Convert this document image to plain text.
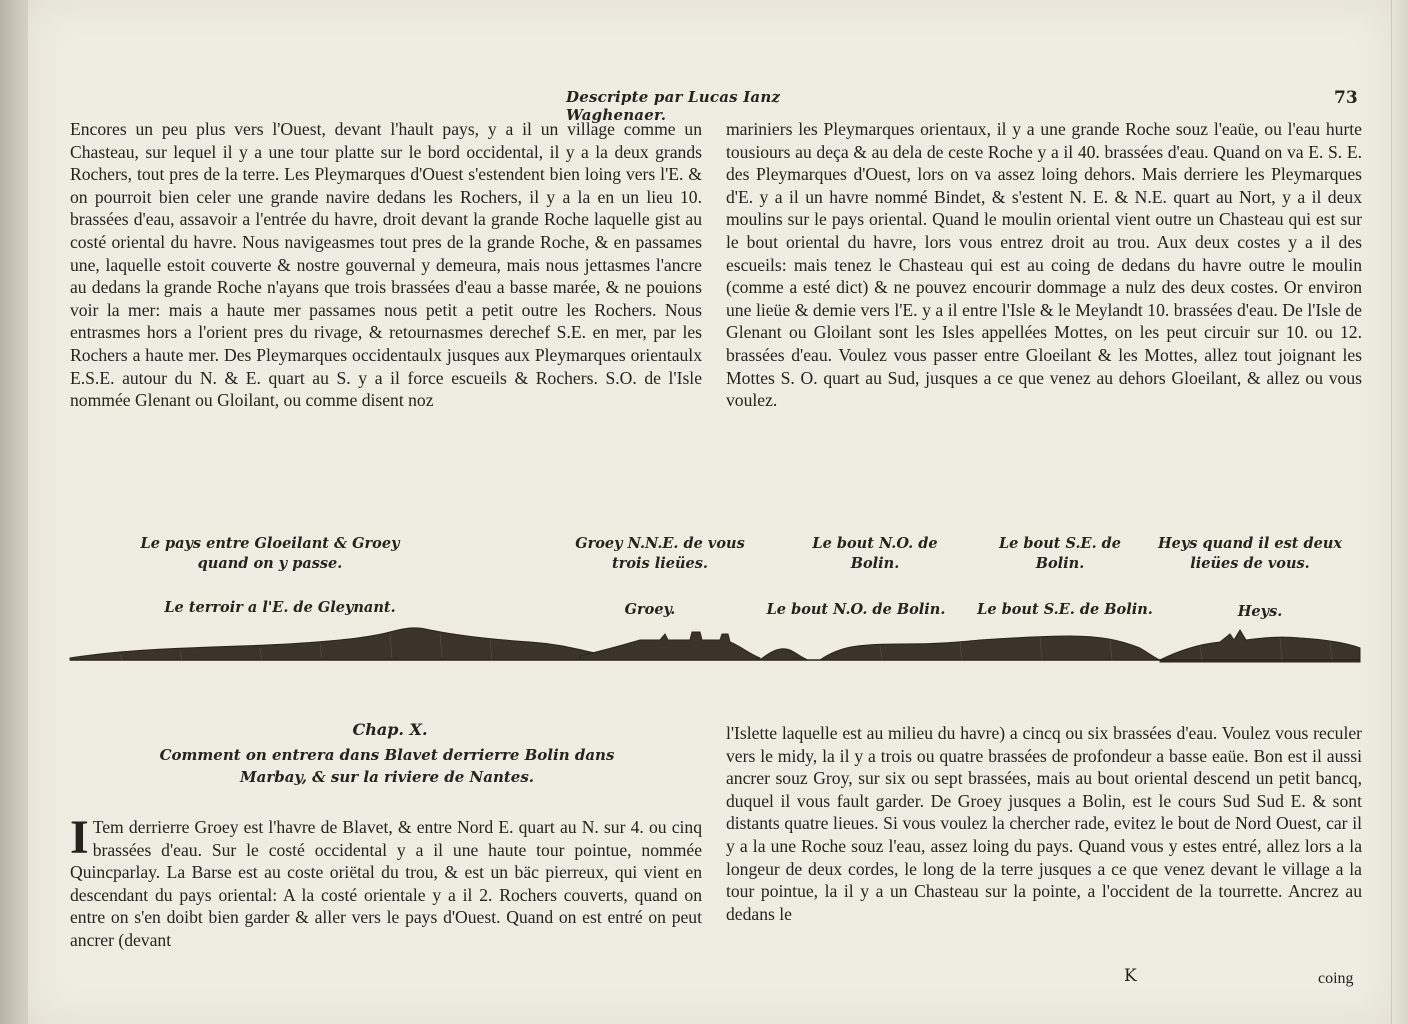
Descripte par Lucas Ianz Waghenaer.
73

Encores un peu plus vers l'Ouest, devant l'hault pays, y a il un village comme un Chasteau, sur lequel il y a une tour platte sur le bord occidental, il y a la deux grands Rochers, tout pres de la terre. Les Pleymarques d'Ouest s'estendent bien loing vers l'E. & on pourroit bien celer une grande navire dedans les Rochers, il y a la en un lieu 10. brassées d'eau, assavoir a l'entrée du havre, droit devant la grande Roche laquelle gist au costé oriental du havre. Nous navigeasmes tout pres de la grande Roche, & en passames une, laquelle estoit couverte & nostre gouvernal y demeura, mais nous jettasmes l'ancre au dedans la grande Roche n'ayans que trois brassées d'eau a basse marée, & ne pouions voir la mer: mais a haute mer passames nous petit a petit outre les Rochers. Nous entrasmes hors a l'orient pres du rivage, & retournasmes derechef S.E. en mer, par les Rochers a haute mer. Des Pleymarques occidentaulx jusques aux Pleymarques orientaulx E.S.E. autour du N. & E. quart au S. y a il force escueils & Rochers. S.O. de l'Isle nommée Glenant ou Gloilant, ou comme disent noz

mariniers les Pleymarques orientaux, il y a une grande Roche souz l'eaüe, ou l'eau hurte tousiours au deça & au dela de ceste Roche y a il 40. brassées d'eau. Quand on va E. S. E. des Pleymarques d'Ouest, lors on va assez loing dehors. Mais derriere les Pleymarques d'E. y a il un havre nommé Bindet, & s'estent N. E. & N.E. quart au Nort, y a il deux moulins sur le pays oriental. Quand le moulin oriental vient outre un Chasteau qui est sur le bout oriental du havre, lors vous entrez droit au trou. Aux deux costes y a il des escueils: mais tenez le Chasteau qui est au coing de dedans du havre outre le moulin (comme a esté dict) & ne pouvez encourir dommage a nulz des deux costes. Or environ une lieüe & demie vers l'E. y a il entre l'Isle & le Meylandt 10. brassées d'eau. De l'Isle de Glenant ou Gloilant sont les Isles appellées Mottes, on les peut circuir sur 10. ou 12. brassées d'eau. Voulez vous passer entre Gloeilant & les Mottes, allez tout joignant les Mottes S. O. quart au Sud, jusques a ce que venez au dehors Gloeilant, & allez ou vous voulez.

Le pays entre Gloeilant & Groey quand on y passe.
Groey N.N.E. de vous trois lieües.
Le bout N.O. de Bolin.
Le bout S.E. de Bolin.
Heys quand il est deux lieües de vous.
Le terroir a l'E. de Gleynant.	Groey.	Le bout N.O. de Bolin.	Le bout S.E. de Bolin.	Heys.
Chap. X.
Comment on entrera dans Blavet derrierre Bolin dans Marbay, & sur la riviere de Nantes.
I Tem derrierre Groey est l'havre de Blavet, & entre Nord E. quart au N. sur 4. ou cinq brassées d'eau. Sur le costé occidental y a il une haute tour pointue, nommée Quincparlay. La Barse est au coste oriëtal du trou, & est un bäc pierreux, qui vient en descendant du pays oriental: A la costé orientale y a il 2. Rochers couverts, quand on entre on s'en doibt bien garder & aller vers le pays d'Ouest. Quand on est entré on peut ancrer (devant

l'Islette laquelle est au milieu du havre) a cincq ou six brassées d'eau. Voulez vous reculer vers le midy, la il y a trois ou quatre brassées de profondeur a basse eaüe. Bon est il aussi ancrer souz Groy, sur six ou sept brassées, mais au bout oriental descend un petit bancq, duquel il vous fault garder. De Groey jusques a Bolin, est le cours Sud Sud E. & sont distants quatre lieues. Si vous voulez la chercher rade, evitez le bout de Nord Ouest, car il y a la une Roche souz l'eau, assez loing du pays. Quand vous y estes entré, allez lors a la longeur de deux cordes, le long de la terre jusques a ce que venez devant le village a la tour pointue, la il y a un Chasteau sur la pointe, a l'occident de la tourrette. Ancrez au dedans le

K	coing
